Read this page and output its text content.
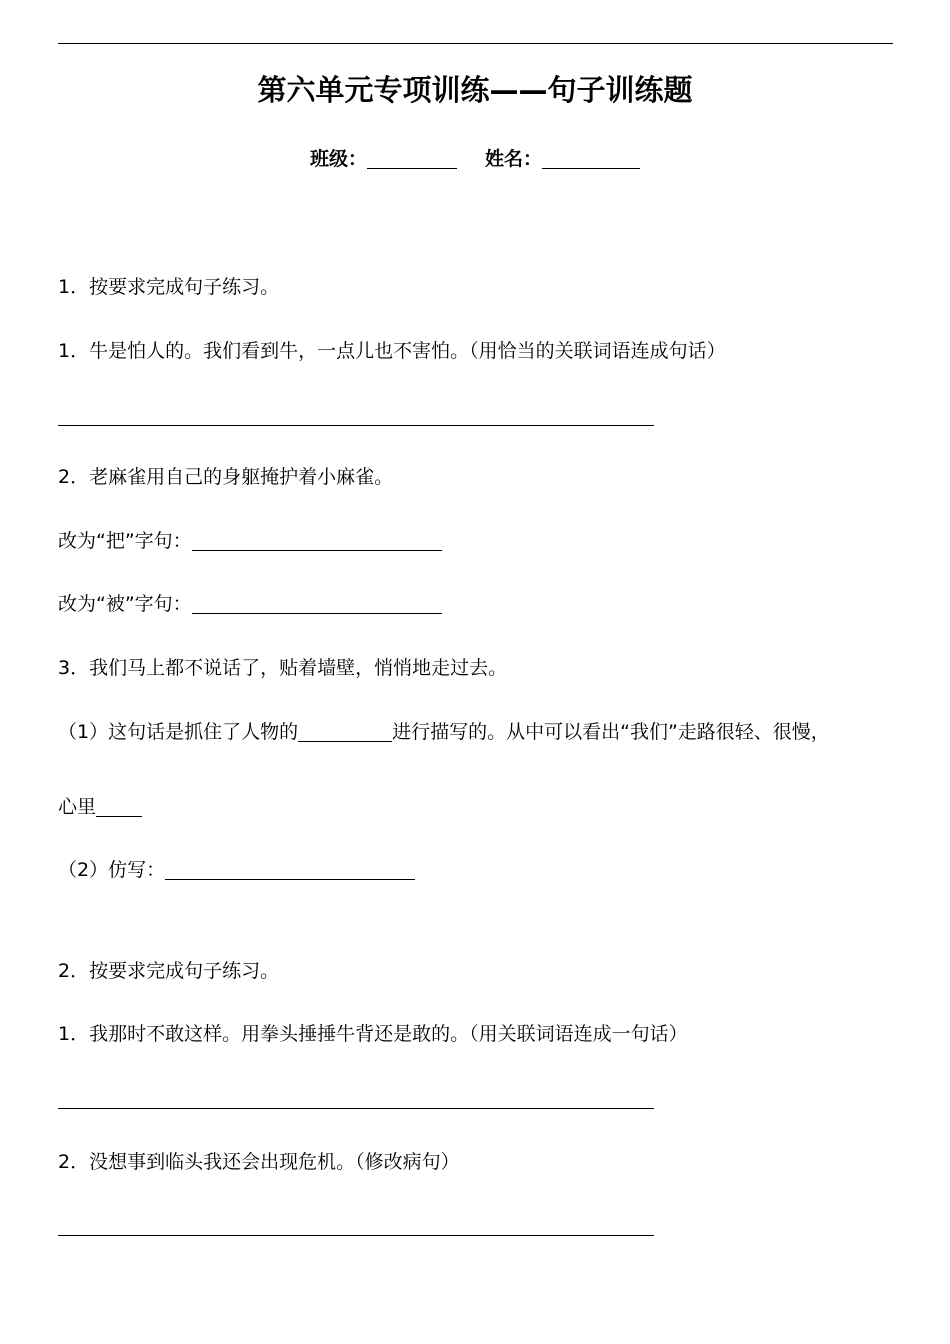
第六单元专项训练——句子训练题
班级：	姓名：
1．按要求完成句子练习。
1．牛是怕人的。我们看到牛，一点儿也不害怕。（用恰当的关联词语连成句话）
2．老麻雀用自己的身躯掩护着小麻雀。
改为“把”字句：
改为“被”字句：
3．我们马上都不说话了，贴着墙壁，悄悄地走过去。
（1）这句话是抓住了人物的	进行描写的。从中可以看出“我们”走路很轻、很慢，
心里
（2）仿写：
2．按要求完成句子练习。
1．我那时不敢这样。用拳头捶捶牛背还是敢的。（用关联词语连成一句话）
2．没想事到临头我还会出现危机。（修改病句）
